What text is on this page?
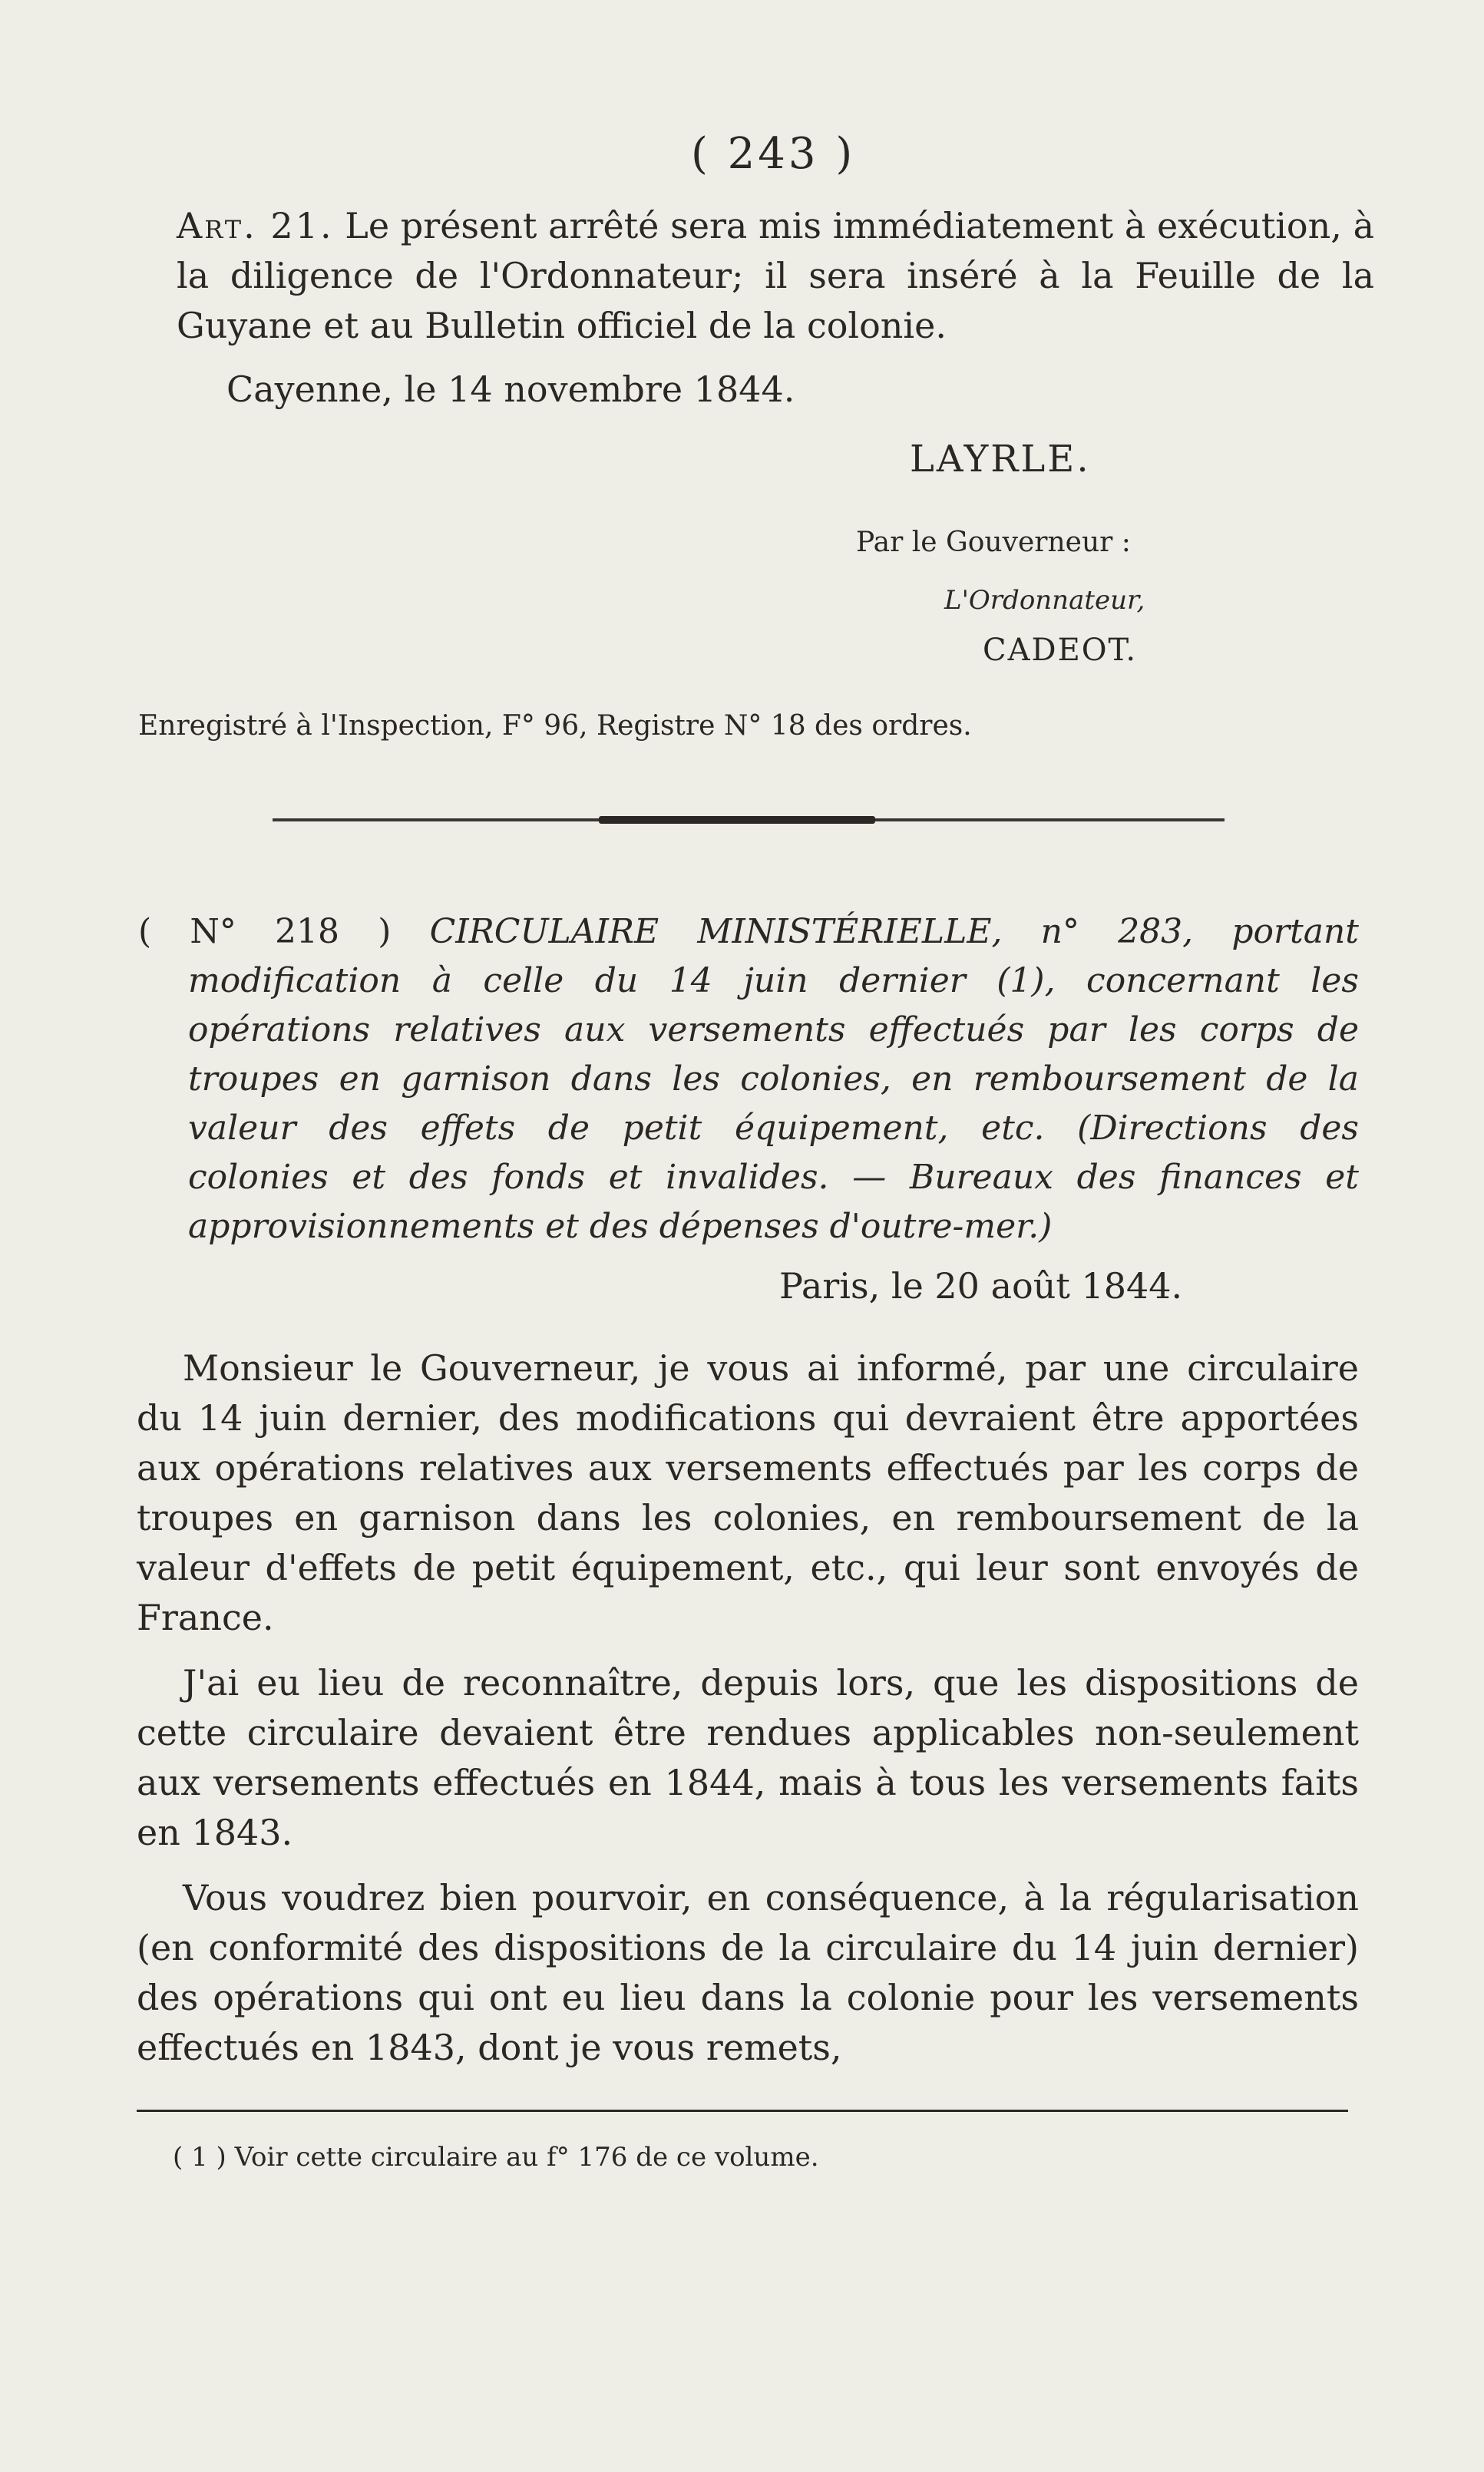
( 243 )
Art. 21. Le présent arrêté sera mis immédiatement à exécution, à la diligence de l'Ordonnateur; il sera inséré à la Feuille de la Guyane et au Bulletin officiel de la colonie.
Cayenne, le 14 novembre 1844.
LAYRLE.
Par le Gouverneur :
L'Ordonnateur,
CADEOT.
Enregistré à l'Inspection, F° 96, Registre N° 18 des ordres.
( N° 218 ) CIRCULAIRE MINISTÉRIELLE, n° 283, portant
modification à celle du 14 juin dernier (1), concernant les
opérations relatives aux versements effectués par les corps de
troupes en garnison dans les colonies, en remboursement de la
valeur des effets de petit équipement, etc. (Directions des
colonies et des fonds et invalides. — Bureaux des finances et
approvisionnements et des dépenses d'outre-mer.)
Paris, le 20 août 1844.

Monsieur le Gouverneur, je vous ai informé, par une circulaire du 14 juin dernier, des modifications qui devraient être apportées aux opérations relatives aux versements effectués par les corps de troupes en garnison dans les colonies, en remboursement de la valeur d'effets de petit équipement, etc., qui leur sont envoyés de France.

J'ai eu lieu de reconnaître, depuis lors, que les dispositions de cette circulaire devaient être rendues applicables non-seulement aux versements effectués en 1844, mais à tous les versements faits en 1843.

Vous voudrez bien pourvoir, en conséquence, à la régularisation (en conformité des dispositions de la circulaire du 14 juin dernier) des opérations qui ont eu lieu dans la colonie pour les versements effectués en 1843, dont je vous remets,

( 1 ) Voir cette circulaire au f° 176 de ce volume.
